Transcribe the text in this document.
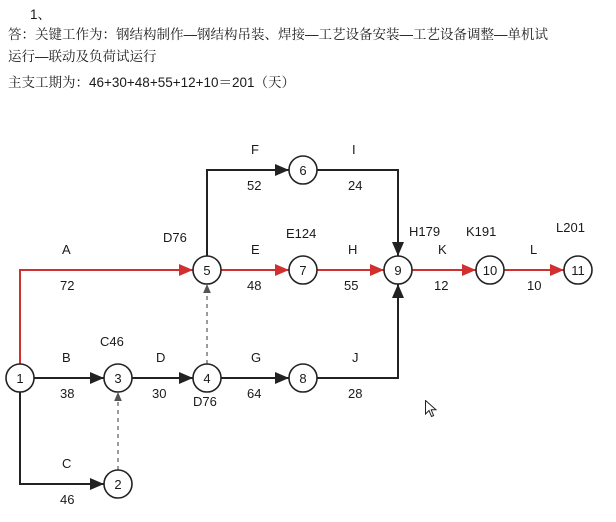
1、
答：关键工作为：钢结构制作—钢结构吊装、焊接—工艺设备安装—工艺设备调整—单机试
运行—联动及负荷试运行
主支工期为：46+30+48+55+12+10＝201（天）
1
2
3	4
5
6
7
8
9	10	11
A
B
C
D	G	J
F	I
E	H	K	L
72
38
46
30	64	28
52	24
48	55	12	10
C46
D76
D76
E124	H179 K191	L201
